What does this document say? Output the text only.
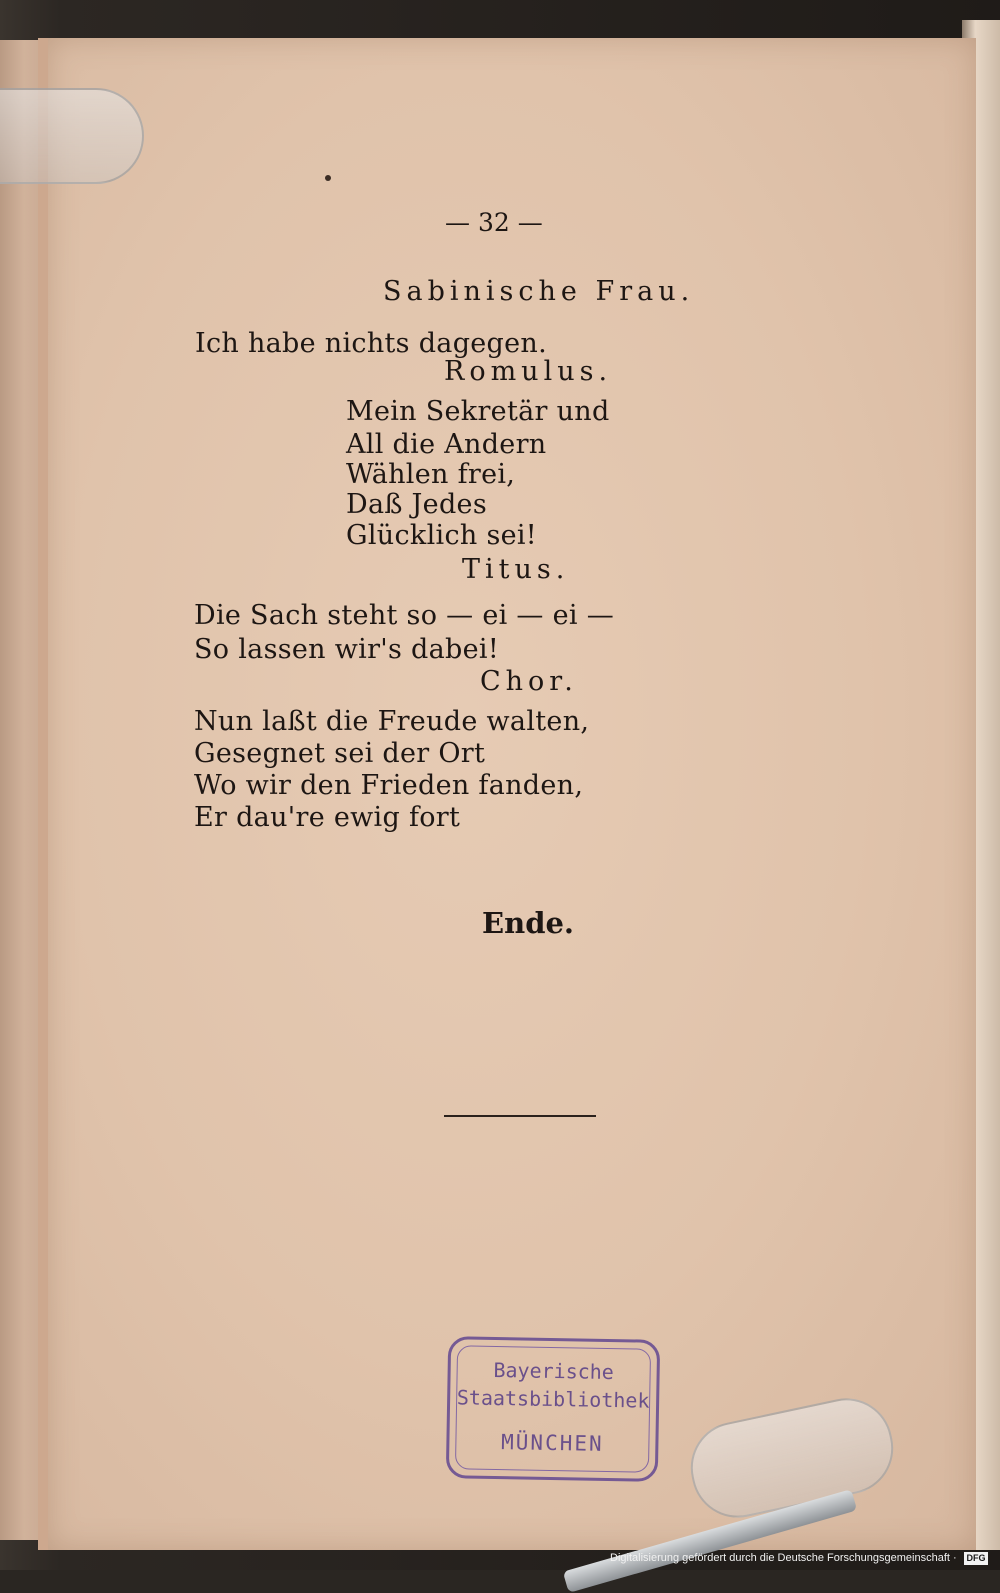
— 32 —
Sabinische Frau.
Ich habe nichts dagegen.
Romulus.
Mein Sekretär und
All die Andern
Wählen frei,
Daß Jedes
Glücklich sei!
Titus.
Die Sach steht so — ei — ei —
So lassen wir's dabei!
Chor.
Nun laßt die Freude walten,
Gesegnet sei der Ort
Wo wir den Frieden fanden,
Er dau're ewig fort
Ende.
Bayerische
Staatsbibliothek
MÜNCHEN
Digitalisierung gefördert durch die Deutsche Forschungsgemeinschaft · DFG
